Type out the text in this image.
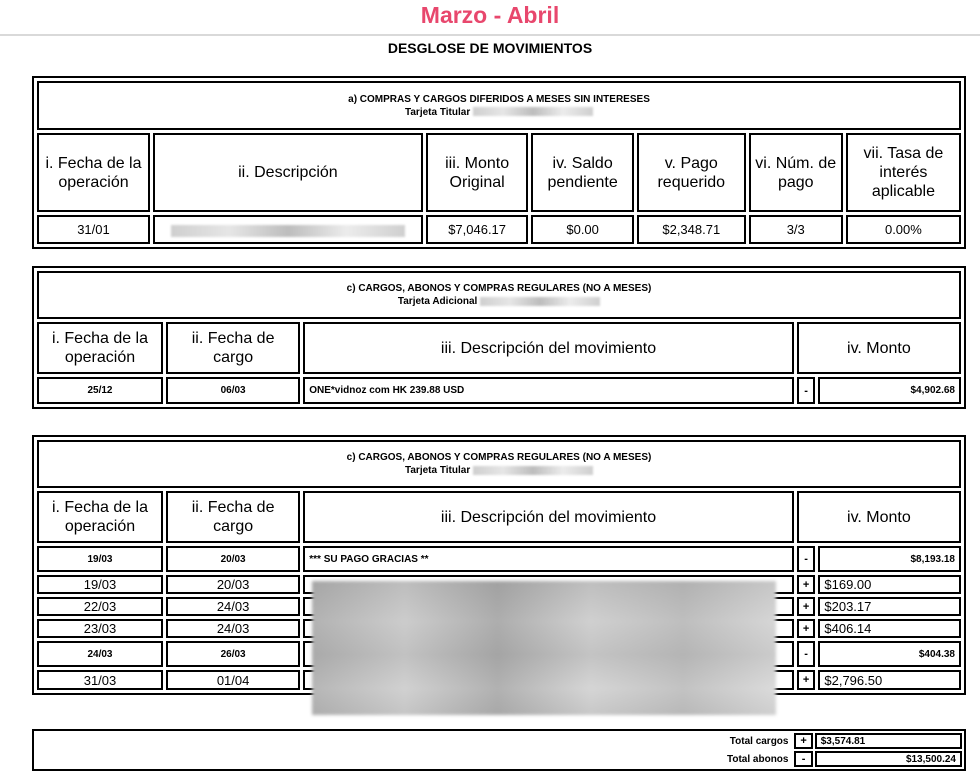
Marzo - Abril
DESGLOSE DE MOVIMIENTOS
a) COMPRAS Y CARGOS DIFERIDOS A MESES SIN INTERESES
Tarjeta Titular						
i. Fecha de la operación	ii. Descripción	iii. Monto Original	iv. Saldo pendiente	v. Pago requerido	vi. Núm. de pago	vii. Tasa de interés aplicable
31/01		$7,046.17	$0.00	$2,348.71	3/3	0.00%
c) CARGOS, ABONOS Y COMPRAS REGULARES (NO A MESES)
Tarjeta Adicional				
i. Fecha de la operación	ii. Fecha de cargo	iii. Descripción del movimiento	iv. Monto	
25/12	06/03	ONE*vidnoz com HK 239.88 USD	-	$4,902.68
c) CARGOS, ABONOS Y COMPRAS REGULARES (NO A MESES)
Tarjeta Titular				
i. Fecha de la operación	ii. Fecha de cargo	iii. Descripción del movimiento	iv. Monto	
19/03	20/03	*** SU PAGO GRACIAS **	-	$8,193.18
19/03	20/03		+	$169.00
22/03	24/03		+	$203.17
23/03	24/03		+	$406.14
24/03	26/03		-	$404.38
31/03	01/04		+	$2,796.50
Total cargos	+	$3,574.81
Total abonos	-	$13,500.24
